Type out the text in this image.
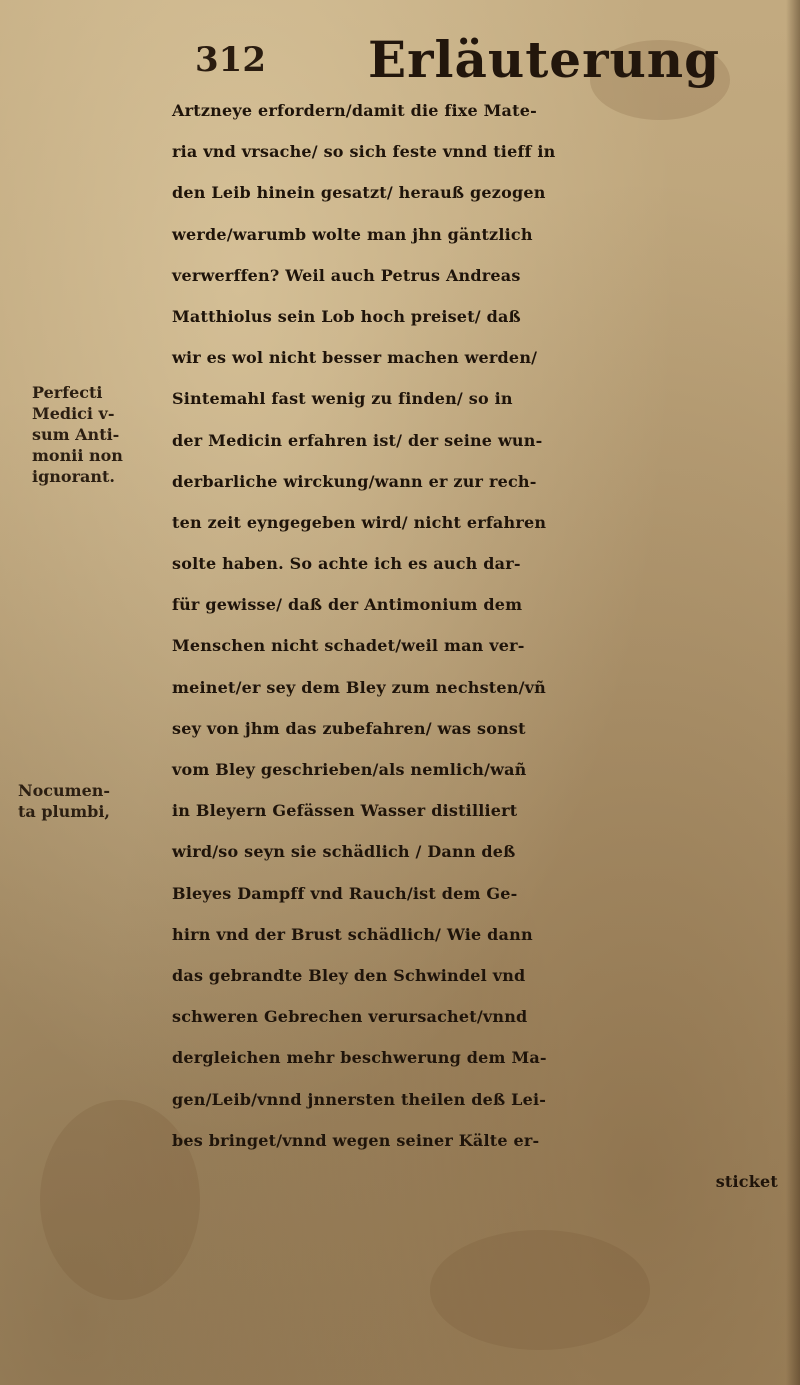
312 Erläuterung
Perfecti
Medici v-
sum Anti-
monii non
ignorant.
Nocumen-
ta plumbi,
Artzneye erfordern/damit die fixe Mate-
ria vnd vrsache/ so sich feste vnnd tieff in
den Leib hinein gesatzt/ herauß gezogen
werde/warumb wolte man jhn gäntzlich
verwerffen? Weil auch Petrus Andreas
Matthiolus sein Lob hoch preiset/ daß
wir es wol nicht besser machen werden/
Sintemahl fast wenig zu finden/ so in
der Medicin erfahren ist/ der seine wun-
derbarliche wirckung/wann er zur rech-
ten zeit eyngegeben wird/ nicht erfahren
solte haben. So achte ich es auch dar-
für gewisse/ daß der Antimonium dem
Menschen nicht schadet/weil man ver-
meinet/er sey dem Bley zum nechsten/vñ
sey von jhm das zubefahren/ was sonst
vom Bley geschrieben/als nemlich/wañ
in Bleyern Gefässen Wasser distilliert
wird/so seyn sie schädlich / Dann deß
Bleyes Dampff vnd Rauch/ist dem Ge-
hirn vnd der Brust schädlich/ Wie dann
das gebrandte Bley den Schwindel vnd
schweren Gebrechen verursachet/vnnd
dergleichen mehr beschwerung dem Ma-
gen/Leib/vnnd jnnersten theilen deß Lei-
bes bringet/vnnd wegen seiner Kälte er-
sticket
